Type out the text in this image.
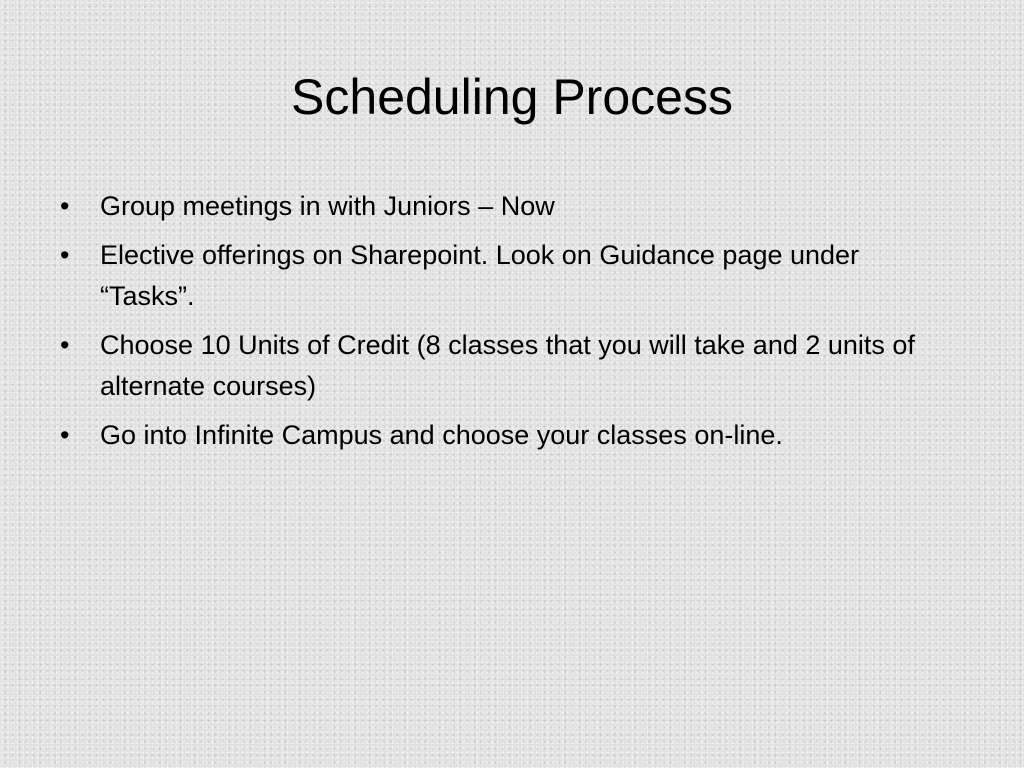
Scheduling Process
• Group meetings in with Juniors – Now
• Elective offerings on Sharepoint. Look on Guidance page under “Tasks”.
• Choose 10 Units of Credit (8 classes that you will take and 2 units of alternate courses)
• Go into Infinite Campus and choose your classes on-line.
